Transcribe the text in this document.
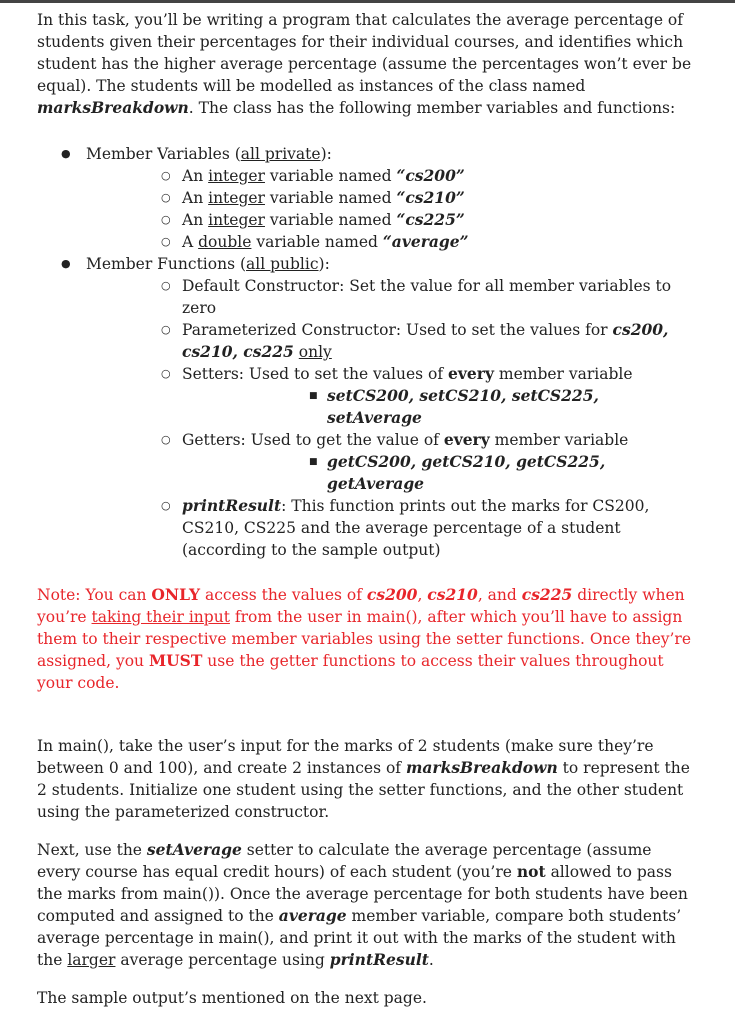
In this task, you’ll be writing a program that calculates the average percentage of students given their percentages for their individual courses, and identifies which student has the higher average percentage (assume the percentages won’t ever be equal). The students will be modelled as instances of the class named marksBreakdown. The class has the following member variables and functions:

● Member Variables (all private):
○ An integer variable named “cs200”
○ An integer variable named “cs210”
○ An integer variable named “cs225”
○ A double variable named “average”
● Member Functions (all public):
○ Default Constructor: Set the value for all member variables to zero
○ Parameterized Constructor: Used to set the values for cs200, cs210, cs225 only
○ Setters: Used to set the values of every member variable
■ setCS200, setCS210, setCS225, setAverage
○ Getters: Used to get the value of every member variable
■ getCS200, getCS210, getCS225, getAverage
○ printResult: This function prints out the marks for CS200, CS210, CS225 and the average percentage of a student (according to the sample output)

Note: You can ONLY access the values of cs200, cs210, and cs225 directly when you’re taking their input from the user in main(), after which you’ll have to assign them to their respective member variables using the setter functions. Once they’re assigned, you MUST use the getter functions to access their values throughout your code.

In main(), take the user’s input for the marks of 2 students (make sure they’re between 0 and 100), and create 2 instances of marksBreakdown to represent the 2 students. Initialize one student using the setter functions, and the other student using the parameterized constructor.

Next, use the setAverage setter to calculate the average percentage (assume every course has equal credit hours) of each student (you’re not allowed to pass the marks from main()). Once the average percentage for both students have been computed and assigned to the average member variable, compare both students’ average percentage in main(), and print it out with the marks of the student with the larger average percentage using printResult.

The sample output’s mentioned on the next page.
